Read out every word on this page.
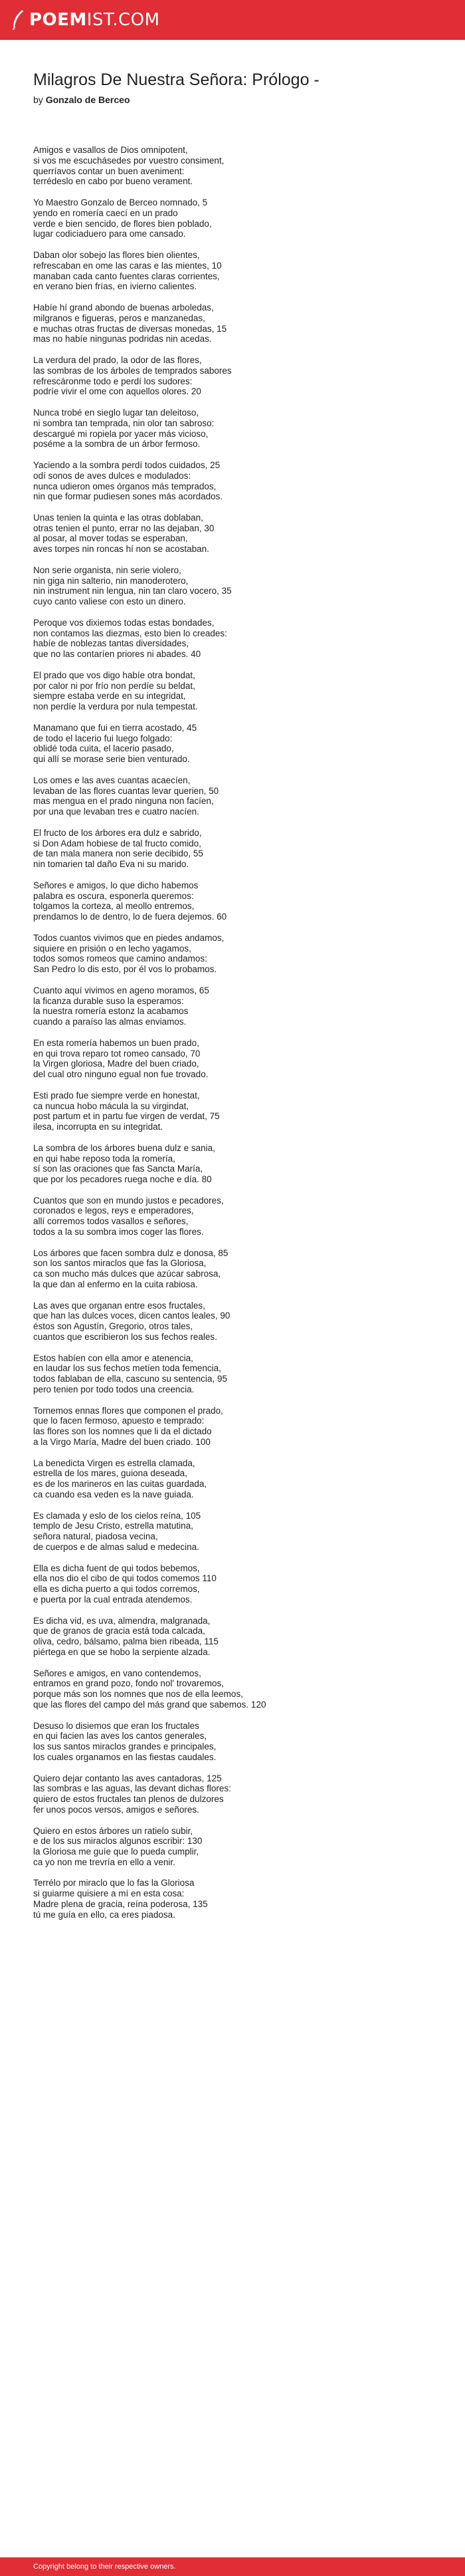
POEMIST.COM
Milagros De Nuestra Señora: Prólogo -
by Gonzalo de Berceo

Amigos e vasallos de Dios omnipotent,
si vos me escuchásedes por vuestro consiment,
querríavos contar un buen aveniment:
terrédeslo en cabo por bueno verament.

Yo Maestro Gonzalo de Berceo nomnado, 5
yendo en romería caecí en un prado
verde e bien sencido, de flores bien poblado,
lugar codiciaduero para ome cansado.

Daban olor sobejo las flores bien olientes,
refrescaban en ome las caras e las mientes, 10
manaban cada canto fuentes claras corrientes,
en verano bien frías, en ivierno calientes.

Habíe hí grand abondo de buenas arboledas,
milgranos e figueras, peros e manzanedas,
e muchas otras fructas de diversas monedas, 15
mas no habíe ningunas podridas nin acedas.

La verdura del prado, la odor de las flores,
las sombras de los árboles de temprados sabores
refrescáronme todo e perdí los sudores:
podríe vivir el ome con aquellos olores. 20

Nunca trobé en sieglo lugar tan deleitoso,
ni sombra tan temprada, nin olor tan sabroso:
descargué mi ropiela por yacer más vicioso,
poséme a la sombra de un árbor fermoso.

Yaciendo a la sombra perdí todos cuidados, 25
odí sonos de aves dulces e modulados:
nunca udieron omes órganos más temprados,
nin que formar pudiesen sones más acordados.

Unas tenien la quinta e las otras doblaban,
otras tenien el punto, errar no las dejaban, 30
al posar, al mover todas se esperaban,
aves torpes nin roncas hí non se acostaban.

Non serie organista, nin serie violero,
nin giga nin salterio, nin manoderotero,
nin instrument nin lengua, nin tan claro vocero, 35
cuyo canto valiese con esto un dinero.

Peroque vos dixiemos todas estas bondades,
non contamos las diezmas, esto bien lo creades:
habíe de noblezas tantas diversidades,
que no las contaríen priores ni abades. 40

El prado que vos digo habíe otra bondat,
por calor ni por frío non perdíe su beldat,
siempre estaba verde en su integridat,
non perdíe la verdura por nula tempestat.

Manamano que fui en tierra acostado, 45
de todo el lacerio fui luego folgado:
oblidé toda cuita, el lacerio pasado,
qui allí se morase serie bien venturado.

Los omes e las aves cuantas acaecíen,
levaban de las flores cuantas levar querien, 50
mas mengua en el prado ninguna non facíen,
por una que levaban tres e cuatro nacíen.

El fructo de los árbores era dulz e sabrido,
si Don Adam hobiese de tal fructo comido,
de tan mala manera non serie decibido, 55
nin tomarien tal daño Eva ni su marido.

Señores e amigos, lo que dicho habemos
palabra es oscura, esponerla queremos:
tolgamos la corteza, al meollo entremos,
prendamos lo de dentro, lo de fuera dejemos. 60

Todos cuantos vivimos que en piedes andamos,
siquiere en prisión o en lecho yagamos,
todos somos romeos que camino andamos:
San Pedro lo dis esto, por él vos lo probamos.

Cuanto aquí vivimos en ageno moramos, 65
la ficanza durable suso la esperamos:
la nuestra romería estonz la acabamos
cuando a paraíso las almas enviamos.

En esta romería habemos un buen prado,
en qui trova reparo tot romeo cansado, 70
la Virgen gloriosa, Madre del buen criado,
del cual otro ninguno egual non fue trovado.

Esti prado fue siempre verde en honestat,
ca nuncua hobo mácula la su virgindat,
post partum et in partu fue virgen de verdat, 75
ilesa, incorrupta en su integridat.

La sombra de los árbores buena dulz e sania,
en qui habe reposo toda la romería,
sí son las oraciones que fas Sancta María,
que por los pecadores ruega noche e día. 80

Cuantos que son en mundo justos e pecadores,
coronados e legos, reys e emperadores,
allí corremos todos vasallos e señores,
todos a la su sombra imos coger las flores.

Los árbores que facen sombra dulz e donosa, 85
son los santos miraclos que fas la Gloriosa,
ca son mucho más dulces que azúcar sabrosa,
la que dan al enfermo en la cuita rabiosa.

Las aves que organan entre esos fructales,
que han las dulces voces, dicen cantos leales, 90
éstos son Agustín, Gregorio, otros tales,
cuantos que escribieron los sus fechos reales.

Estos habíen con ella amor e atenencia,
en laudar los sus fechos metíen toda femencia,
todos fablaban de ella, cascuno su sentencia, 95
pero tenien por todo todos una creencia.

Tornemos ennas flores que componen el prado,
que lo facen fermoso, apuesto e temprado:
las flores son los nomnes que li da el dictado
a la Virgo María, Madre del buen criado. 100

La benedicta Virgen es estrella clamada,
estrella de los mares, guiona deseada,
es de los marineros en las cuitas guardada,
ca cuando esa veden es la nave guiada.

Es clamada y eslo de los cielos reína, 105
templo de Jesu Cristo, estrella matutina,
señora natural, piadosa vecina,
de cuerpos e de almas salud e medecina.

Ella es dicha fuent de qui todos bebemos,
ella nos dio el cibo de qui todos comemos 110
ella es dicha puerto a qui todos corremos,
e puerta por la cual entrada atendemos.

Es dicha vid, es uva, almendra, malgranada,
que de granos de gracia está toda calcada,
oliva, cedro, bálsamo, palma bien ribeada, 115
piértega en que se hobo la serpiente alzada.

Señores e amigos, en vano contendemos,
entramos en grand pozo, fondo nol' trovaremos,
porque más son los nomnes que nos de ella leemos,
que las flores del campo del más grand que sabemos. 120

Desuso lo disiemos que eran los fructales
en qui facien las aves los cantos generales,
los sus santos miraclos grandes e principales,
los cuales organamos en las fiestas caudales.

Quiero dejar contanto las aves cantadoras, 125
las sombras e las aguas, las devant dichas flores:
quiero de estos fructales tan plenos de dulzores
fer unos pocos versos, amigos e señores.

Quiero en estos árbores un ratielo subir,
e de los sus miraclos algunos escribir: 130
la Gloriosa me guíe que lo pueda cumplir,
ca yo non me trevría en ello a venir.

Terrélo por miraclo que lo fas la Gloriosa
si guiarme quisiere a mí en esta cosa:
Madre plena de gracia, reína poderosa, 135
tú me guía en ello, ca eres piadosa.

Copyright belong to their respective owners.
